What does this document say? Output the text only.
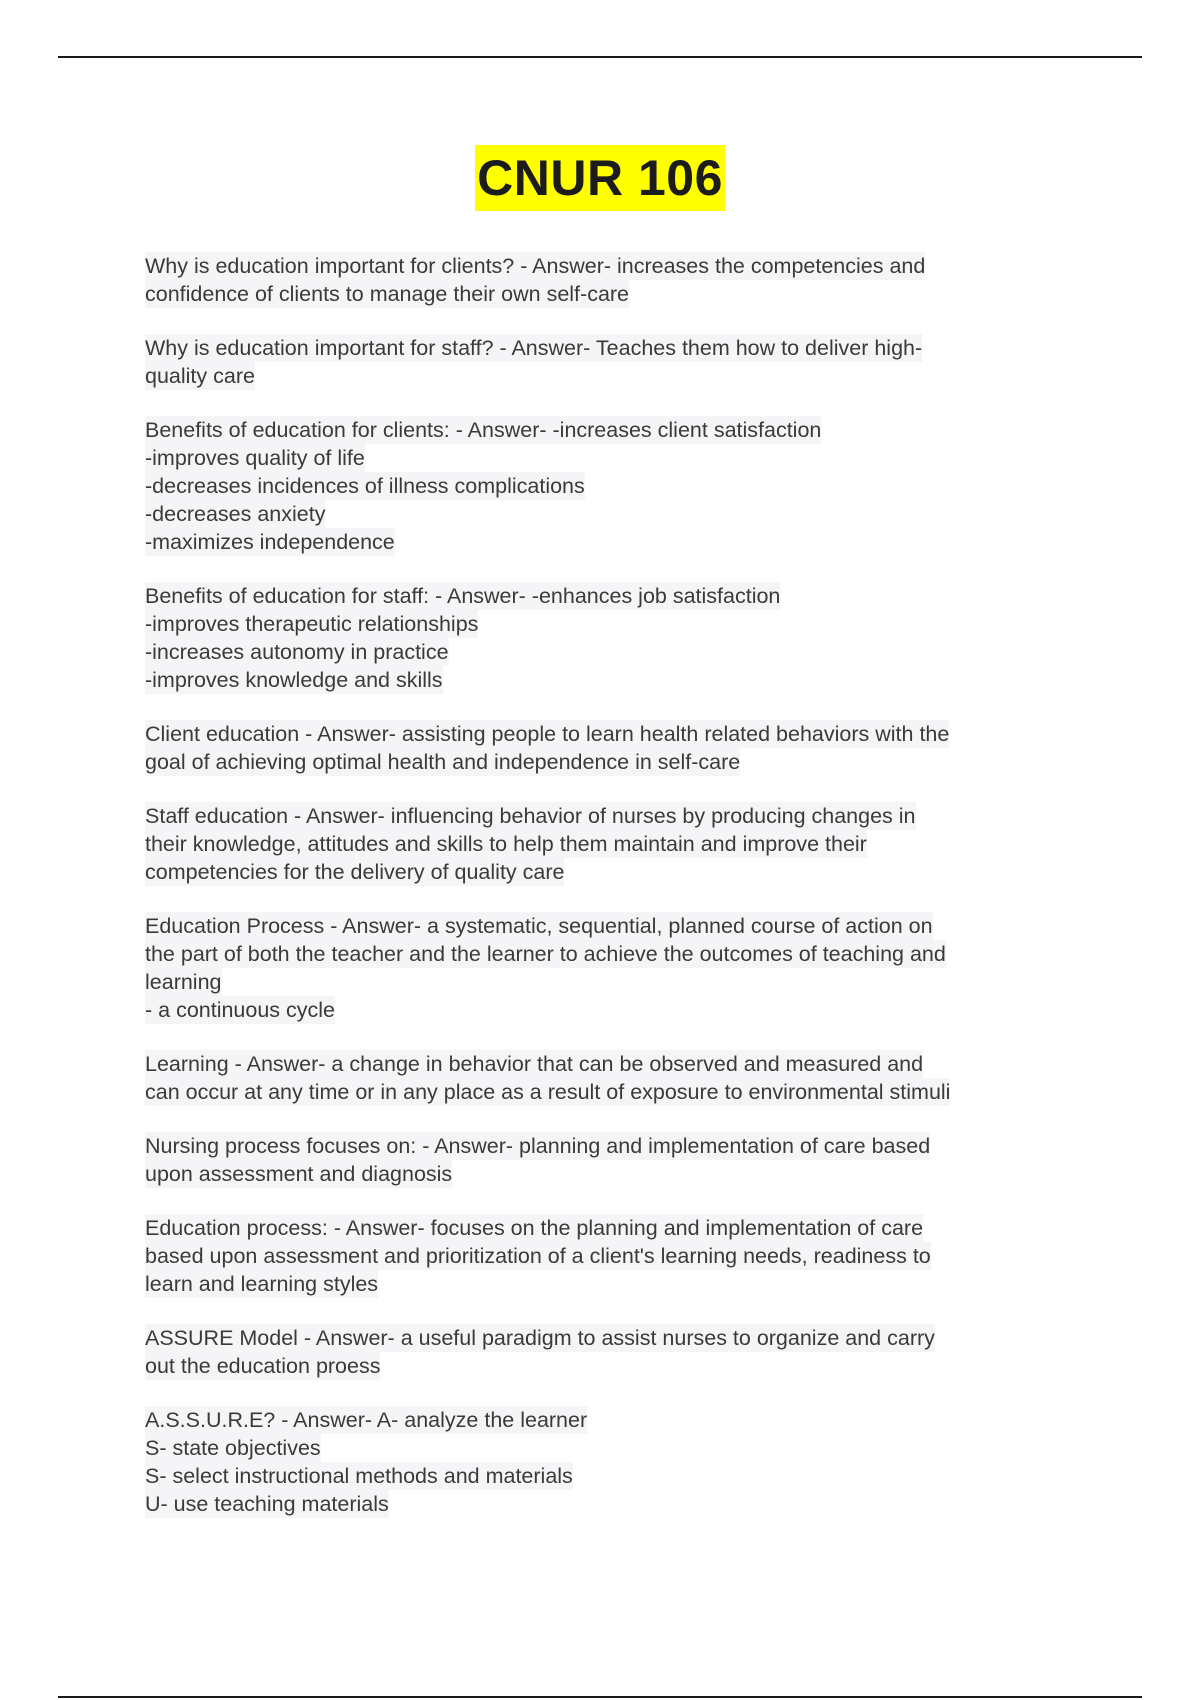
CNUR 106
Why is education important for clients? - Answer- increases the competencies and
confidence of clients to manage their own self-care
Why is education important for staff? - Answer- Teaches them how to deliver high-
quality care
Benefits of education for clients: - Answer- -increases client satisfaction
-improves quality of life
-decreases incidences of illness complications
-decreases anxiety
-maximizes independence
Benefits of education for staff: - Answer- -enhances job satisfaction
-improves therapeutic relationships
-increases autonomy in practice
-improves knowledge and skills
Client education - Answer- assisting people to learn health related behaviors with the
goal of achieving optimal health and independence in self-care
Staff education - Answer- influencing behavior of nurses by producing changes in
their knowledge, attitudes and skills to help them maintain and improve their
competencies for the delivery of quality care
Education Process - Answer- a systematic, sequential, planned course of action on
the part of both the teacher and the learner to achieve the outcomes of teaching and
learning
- a continuous cycle
Learning - Answer- a change in behavior that can be observed and measured and
can occur at any time or in any place as a result of exposure to environmental stimuli
Nursing process focuses on: - Answer- planning and implementation of care based
upon assessment and diagnosis
Education process: - Answer- focuses on the planning and implementation of care
based upon assessment and prioritization of a client's learning needs, readiness to
learn and learning styles
ASSURE Model - Answer- a useful paradigm to assist nurses to organize and carry
out the education proess
A.S.S.U.R.E? - Answer- A- analyze the learner
S- state objectives
S- select instructional methods and materials
U- use teaching materials
